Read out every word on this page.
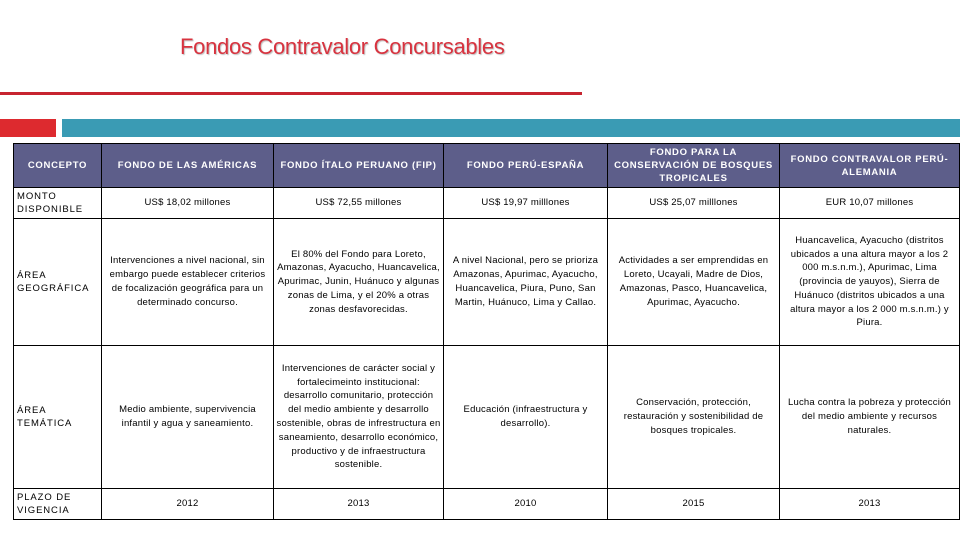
Fondos Contravalor Concursables
CONCEPTO	FONDO DE LAS AMÉRICAS	FONDO ÍTALO PERUANO (FIP)	FONDO PERÚ-ESPAÑA	FONDO PARA LA CONSERVACIÓN DE BOSQUES TROPICALES	FONDO CONTRAVALOR PERÚ-ALEMANIA
MONTO DISPONIBLE	US$ 18,02 millones	US$ 72,55 millones	US$ 19,97 milllones	US$ 25,07 milllones	EUR 10,07 millones
ÁREA GEOGRÁFICA	Intervenciones a nivel nacional, sin embargo puede establecer criterios de focalización geográfica para un determinado concurso.	El 80% del Fondo para Loreto, Amazonas, Ayacucho, Huancavelica, Apurimac, Junin, Huánuco y algunas zonas de Lima, y el 20% a otras zonas desfavorecidas.	A nivel Nacional, pero se prioriza Amazonas, Apurimac, Ayacucho, Huancavelica, Piura, Puno, San Martin, Huánuco, Lima y Callao.	Actividades a ser emprendidas en Loreto, Ucayali, Madre de Dios, Amazonas, Pasco, Huancavelica, Apurimac, Ayacucho.	Huancavelica, Ayacucho (distritos ubicados a una altura mayor a los 2 000 m.s.n.m.), Apurimac, Lima (provincia de yauyos), Sierra de Huánuco (distritos ubicados a una altura mayor a los 2 000 m.s.n.m.) y Piura.
ÁREA TEMÁTICA	Medio ambiente, supervivencia infantil y agua y saneamiento.	Intervenciones de carácter social y fortalecimeinto institucional: desarrollo comunitario, protección del medio ambiente y desarrollo sostenible, obras de infrestructura en saneamiento, desarrollo económico, productivo y de infraestructura sostenible.	Educación (infraestructura y desarrollo).	Conservación, protección, restauración y sostenibilidad de bosques tropicales.	Lucha contra la pobreza y protección del medio ambiente y recursos naturales.
PLAZO DE VIGENCIA	2012	2013	2010	2015	2013
